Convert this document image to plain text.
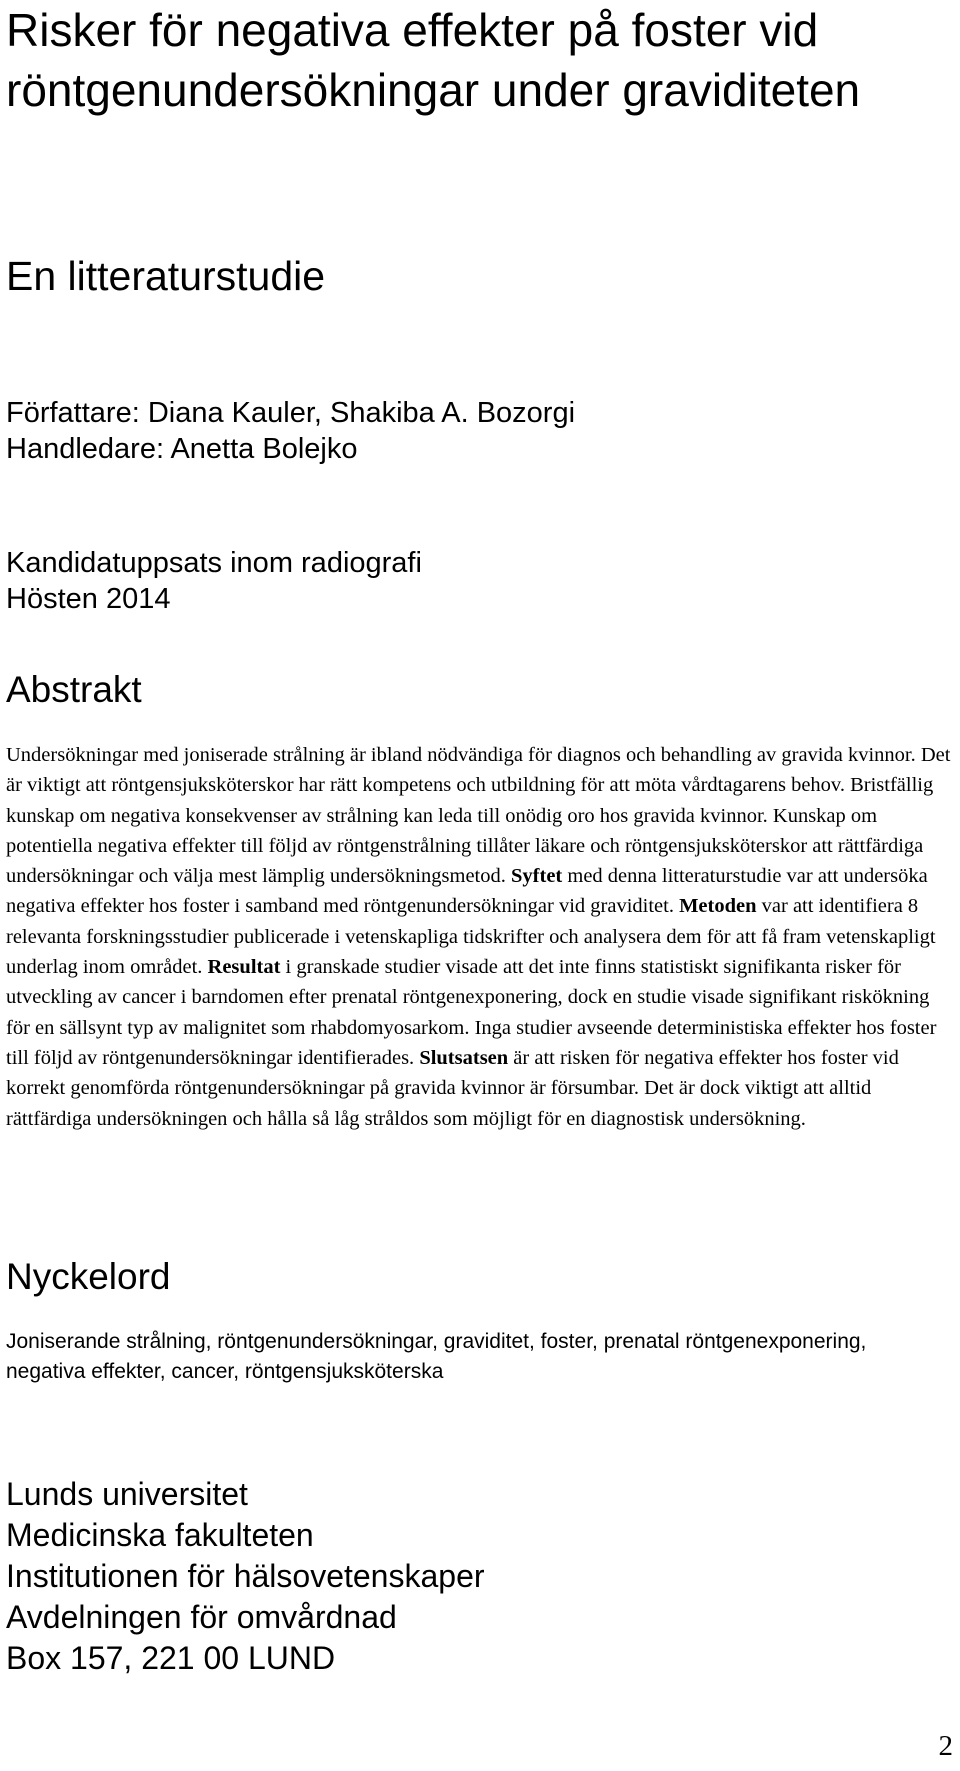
Risker för negativa effekter på foster vid röntgenundersökningar under graviditeten
En litteraturstudie
Författare: Diana Kauler, Shakiba A. Bozorgi
Handledare: Anetta Bolejko
Kandidatuppsats inom radiografi
Hösten 2014
Abstrakt

Undersökningar med joniserade strålning är ibland nödvändiga för diagnos och behandling av gravida kvinnor. Det är viktigt att röntgensjuksköterskor har rätt kompetens och utbildning för att möta vårdtagarens behov. Bristfällig kunskap om negativa konsekvenser av strålning kan leda till onödig oro hos gravida kvinnor. Kunskap om potentiella negativa effekter till följd av röntgenstrålning tillåter läkare och röntgensjuksköterskor att rättfärdiga undersökningar och välja mest lämplig undersökningsmetod. Syftet med denna litteraturstudie var att undersöka negativa effekter hos foster i samband med röntgenundersökningar vid graviditet. Metoden var att identifiera 8 relevanta forskningsstudier publicerade i vetenskapliga tidskrifter och analysera dem för att få fram vetenskapligt underlag inom området. Resultat i granskade studier visade att det inte finns statistiskt signifikanta risker för utveckling av cancer i barndomen efter prenatal röntgenexponering, dock en studie visade signifikant riskökning för en sällsynt typ av malignitet som rhabdomyosarkom. Inga studier avseende deterministiska effekter hos foster till följd av röntgenundersökningar identifierades. Slutsatsen är att risken för negativa effekter hos foster vid korrekt genomförda röntgenundersökningar på gravida kvinnor är försumbar. Det är dock viktigt att alltid rättfärdiga undersökningen och hålla så låg stråldos som möjligt för en diagnostisk undersökning.

Nyckelord

Joniserande strålning, röntgenundersökningar, graviditet, foster, prenatal röntgenexponering, negativa effekter, cancer, röntgensjuksköterska

Lunds universitet
Medicinska fakulteten
Institutionen för hälsovetenskaper
Avdelningen för omvårdnad
Box 157, 221 00 LUND
2
